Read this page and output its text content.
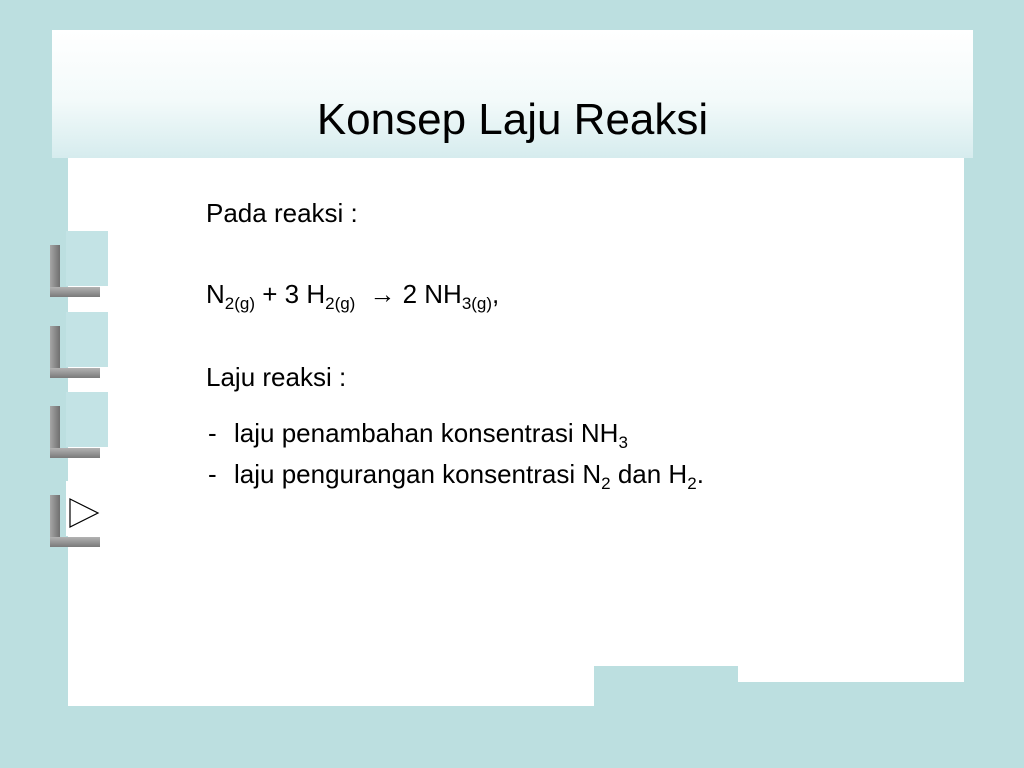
Konsep Laju Reaksi
Pada reaksi :
$N_{2(g)} + 3$ $H_{2(g)} \to 2$ $NH_{3(g)}$,
Laju reaksi :
- laju penambahan konsentrasi $NH_3$
- laju pengurangan konsentrasi $N_2$ dan $H_2$.
